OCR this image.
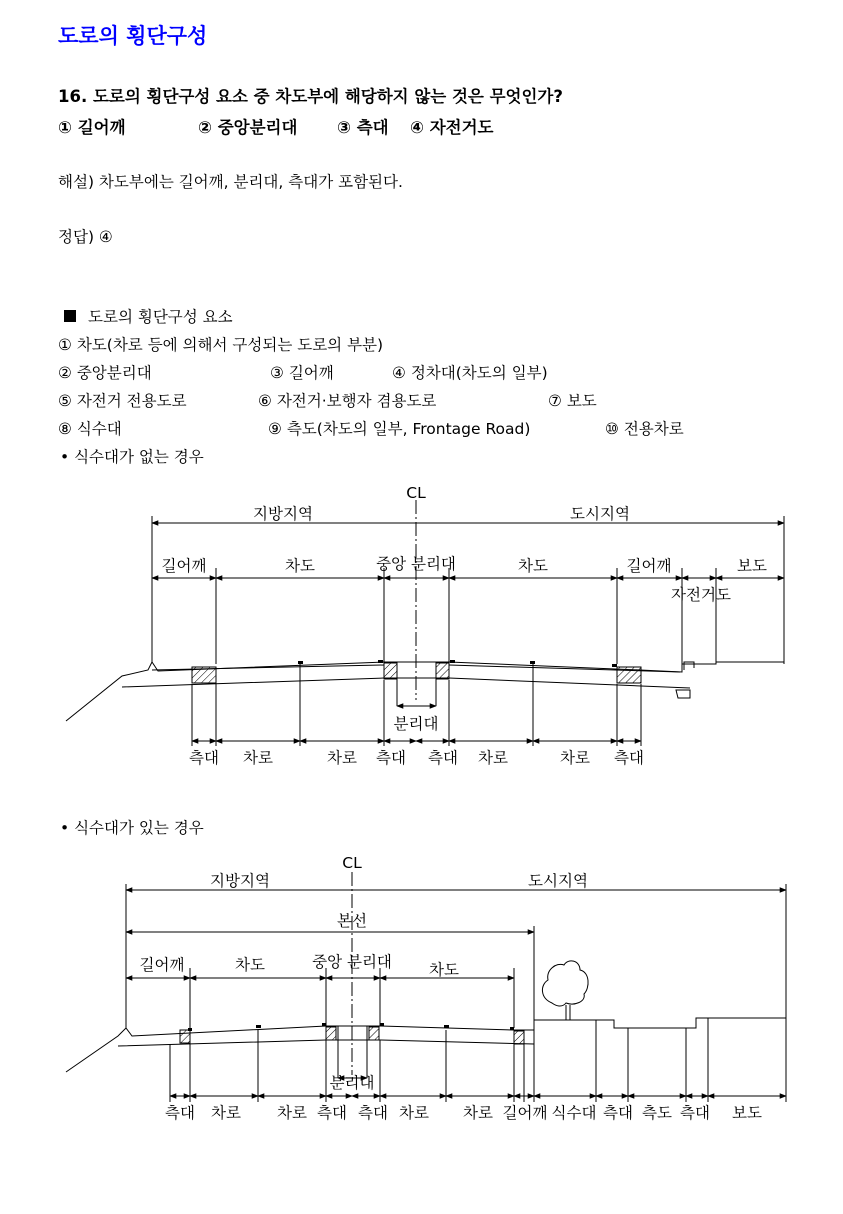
도로의 횡단구성
16. 도로의 횡단구성 요소 중 차도부에 해당하지 않는 것은 무엇인가?
① 길어깨	② 중앙분리대 ③ 측대 ④ 자전거도
해설) 차도부에는 길어깨, 분리대, 측대가 포함된다.
정답) ④
도로의 횡단구성 요소
① 차도(차로 등에 의해서 구성되는 도로의 부분)
② 중앙분리대	③ 길어깨	④ 정차대(차도의 일부)
⑤ 자전거 전용도로	⑥ 자전거·보행자 겸용도로	⑦ 보도
⑧ 식수대	⑨ 측도(차도의 일부, Frontage Road)	⑩ 전용차로
• 식수대가 없는 경우
CL
지방지역	도시지역
길어깨	차도	중앙 분리대	차도	길어깨	보도
자전거도
분리대
측대 차로	차로 측대 측대 차로	차로 측대
• 식수대가 있는 경우
CL
지방지역	도시지역
본선
길어깨	차도	중앙 분리대 차도
분리대
측대 차로 차로 측대 측대 차로 차로 길어깨 식수대 측대 측도 측대 보도
